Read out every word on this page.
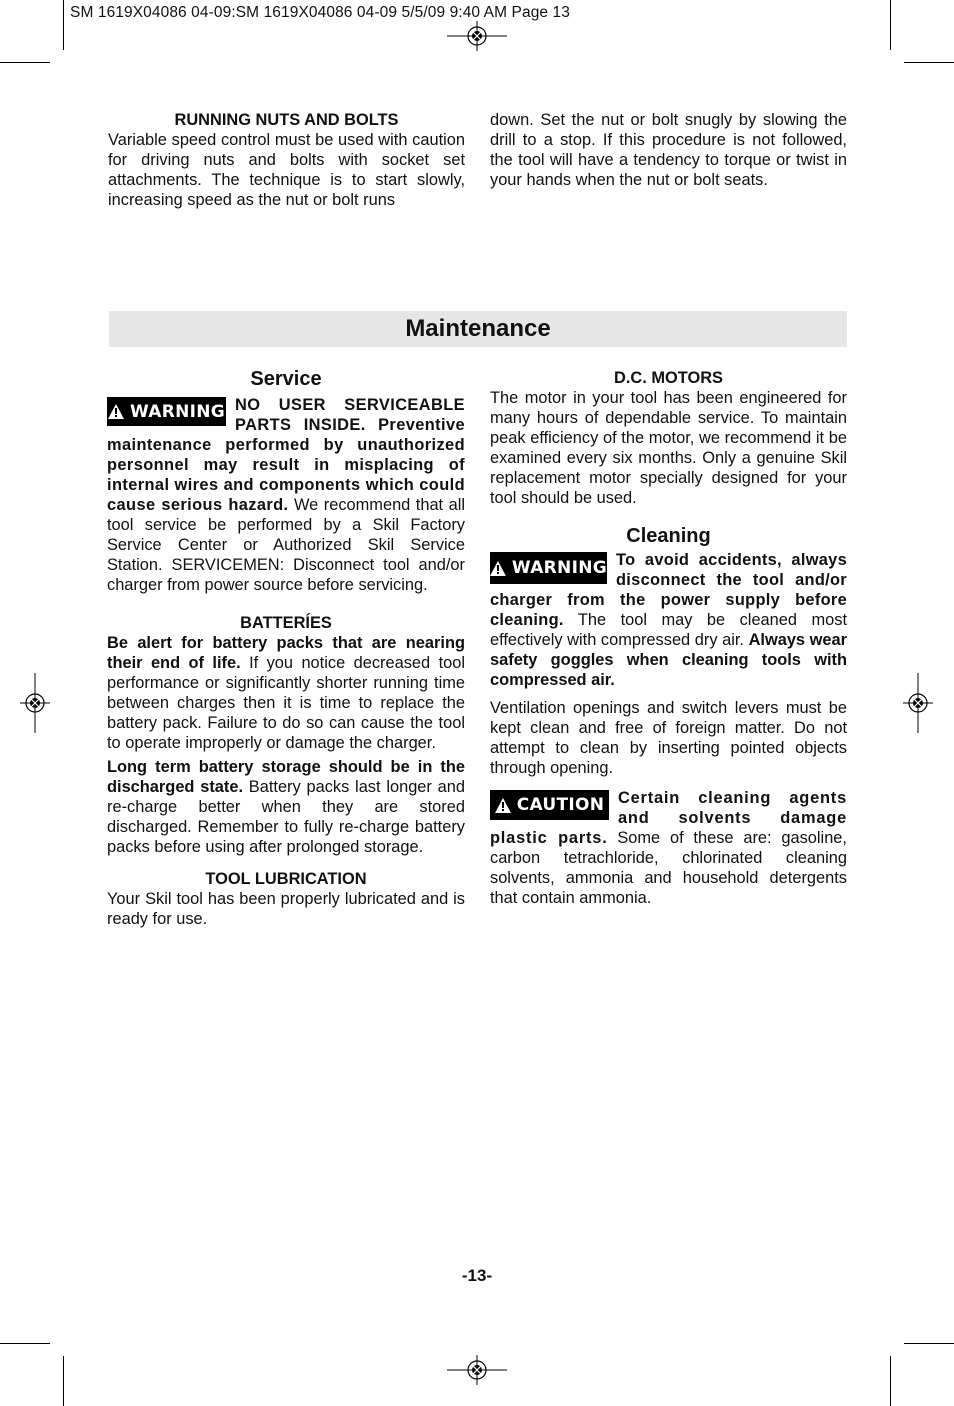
SM 1619X04086 04-09:SM 1619X04086 04-09 5/5/09 9:40 AM Page 13

RUNNING NUTS AND BOLTS

Variable speed control must be used with caution for driving nuts and bolts with socket set attachments. The technique is to start slowly, increasing speed as the nut or bolt runs

down. Set the nut or bolt snugly by slowing the drill to a stop. If this procedure is not followed, the tool will have a tendency to torque or twist in your hands when the nut or bolt seats.

Maintenance

Service

WARNING NO USER SERVICEABLE PARTS INSIDE. Preventive maintenance performed by unauthorized personnel may result in misplacing of internal wires and components which could cause serious hazard. We recommend that all tool service be performed by a Skil Factory Service Center or Authorized Skil Service Station. SERVICEMEN: Disconnect tool and/or charger from power source before servicing.

BATTERÍES

Be alert for battery packs that are nearing their end of life. If you notice decreased tool performance or significantly shorter running time between charges then it is time to replace the battery pack. Failure to do so can cause the tool to operate improperly or damage the charger.

Long term battery storage should be in the discharged state. Battery packs last longer and re-charge better when they are stored discharged. Remember to fully re-charge battery packs before using after prolonged storage.

TOOL LUBRICATION

Your Skil tool has been properly lubricated and is ready for use.

D.C. MOTORS

The motor in your tool has been engineered for many hours of dependable service. To maintain peak efficiency of the motor, we recommend it be examined every six months. Only a genuine Skil replacement motor specially designed for your tool should be used.

Cleaning

WARNING To avoid accidents, always disconnect the tool and/or charger from the power supply before cleaning. The tool may be cleaned most effectively with compressed dry air. Always wear safety goggles when cleaning tools with compressed air.

Ventilation openings and switch levers must be kept clean and free of foreign matter. Do not attempt to clean by inserting pointed objects through opening.

CAUTION Certain cleaning agents and solvents damage plastic parts. Some of these are: gasoline, carbon tetrachloride, chlorinated cleaning solvents, ammonia and household detergents that contain ammonia.

-13-
